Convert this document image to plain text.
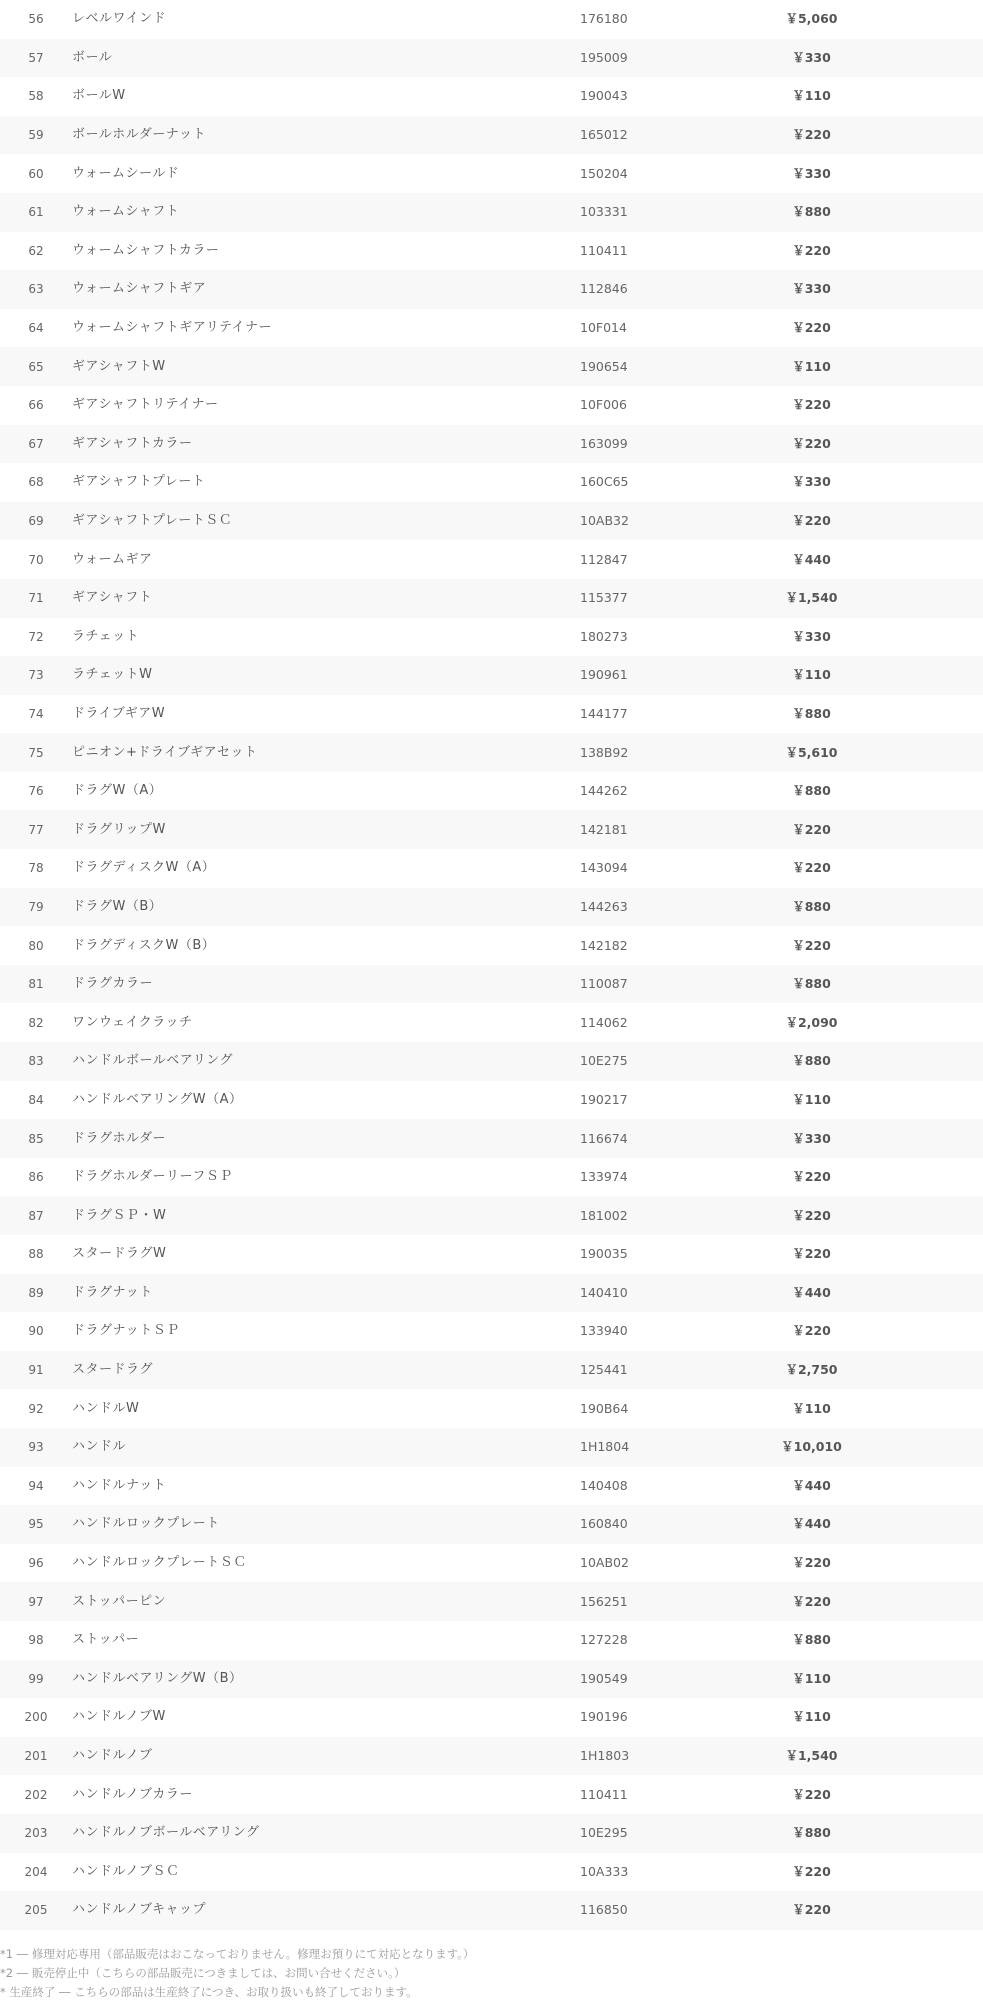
56	レベルワインド	176180	￥5,060	
57	ボール	195009	￥330	
58	ボールW	190043	￥110	
59	ボールホルダーナット	165012	￥220	
60	ウォームシールド	150204	￥330	
61	ウォームシャフト	103331	￥880	
62	ウォームシャフトカラー	110411	￥220	
63	ウォームシャフトギア	112846	￥330	
64	ウォームシャフトギアリテイナー	10F014	￥220	
65	ギアシャフトW	190654	￥110	
66	ギアシャフトリテイナー	10F006	￥220	
67	ギアシャフトカラー	163099	￥220	
68	ギアシャフトプレート	160C65	￥330	
69	ギアシャフトプレートＳＣ	10AB32	￥220	
70	ウォームギア	112847	￥440	
71	ギアシャフト	115377	￥1,540	
72	ラチェット	180273	￥330	
73	ラチェットW	190961	￥110	
74	ドライブギアW	144177	￥880	
75	ピニオン+ドライブギアセット	138B92	￥5,610	
76	ドラグW（A）	144262	￥880	
77	ドラグリップW	142181	￥220	
78	ドラグディスクW（A）	143094	￥220	
79	ドラグW（B）	144263	￥880	
80	ドラグディスクW（B）	142182	￥220	
81	ドラグカラー	110087	￥880	
82	ワンウェイクラッチ	114062	￥2,090	
83	ハンドルボールベアリング	10E275	￥880	
84	ハンドルベアリングW（A）	190217	￥110	
85	ドラグホルダー	116674	￥330	
86	ドラグホルダーリーフＳＰ	133974	￥220	
87	ドラグＳＰ・W	181002	￥220	
88	スタードラグW	190035	￥220	
89	ドラグナット	140410	￥440	
90	ドラグナットＳＰ	133940	￥220	
91	スタードラグ	125441	￥2,750	
92	ハンドルW	190B64	￥110	
93	ハンドル	1H1804	￥10,010	
94	ハンドルナット	140408	￥440	
95	ハンドルロックプレート	160840	￥440	
96	ハンドルロックプレートＳＣ	10AB02	￥220	
97	ストッパーピン	156251	￥220	
98	ストッパー	127228	￥880	
99	ハンドルベアリングW（B）	190549	￥110	
200	ハンドルノブW	190196	￥110	
201	ハンドルノブ	1H1803	￥1,540	
202	ハンドルノブカラー	110411	￥220	
203	ハンドルノブボールベアリング	10E295	￥880	
204	ハンドルノブＳＣ	10A333	￥220	
205	ハンドルノブキャップ	116850	￥220	
*1 ― 修理対応専用（部品販売はおこなっておりません。修理お預りにて対応となります。）
*2 ― 販売停止中（こちらの部品販売につきましては、お問い合せください。）
* 生産終了 ― こちらの部品は生産終了につき、お取り扱いも終了しております。
